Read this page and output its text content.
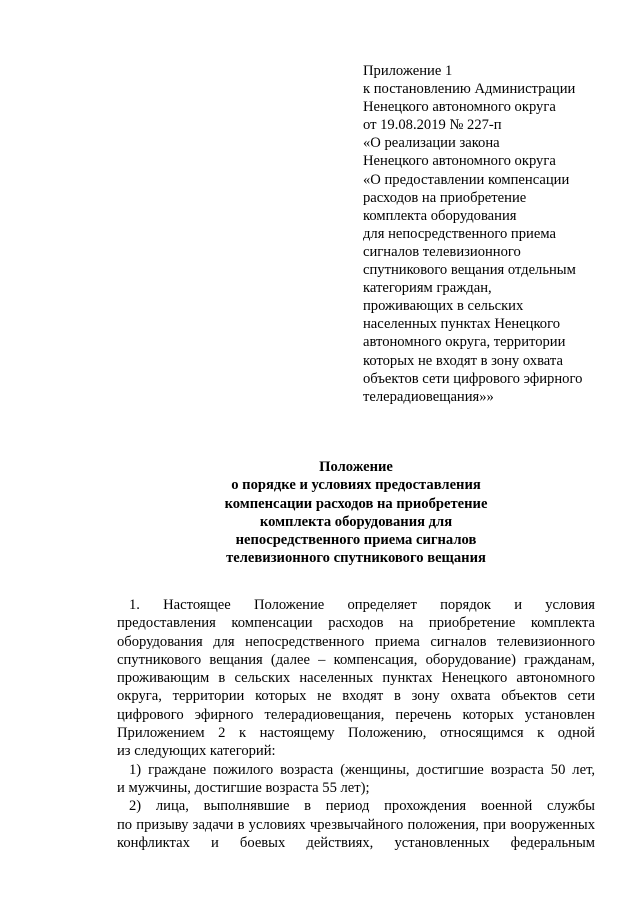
Приложение 1
к постановлению Администрации
Ненецкого автономного округа
от 19.08.2019 № 227-п
«О реализации закона
Ненецкого автономного округа
«О предоставлении компенсации
расходов на приобретение
комплекта оборудования
для непосредственного приема
сигналов телевизионного
спутникового вещания отдельным
категориям граждан,
проживающих в сельских
населенных пунктах Ненецкого
автономного округа, территории
которых не входят в зону охвата
объектов сети цифрового эфирного
телерадиовещания»»
Положение
о порядке и условиях предоставления
компенсации расходов на приобретение
комплекта оборудования для
непосредственного приема сигналов
телевизионного спутникового вещания
1. Настоящее Положение определяет порядок и условия
предоставления компенсации расходов на приобретение комплекта
оборудования для непосредственного приема сигналов телевизионного
спутникового вещания (далее – компенсация, оборудование) гражданам,
проживающим в сельских населенных пунктах Ненецкого автономного
округа, территории которых не входят в зону охвата объектов сети
цифрового эфирного телерадиовещания, перечень которых установлен
Приложением 2 к настоящему Положению, относящимся к одной
из следующих категорий:
1) граждане пожилого возраста (женщины, достигшие возраста 50 лет,
и мужчины, достигшие возраста 55 лет);
2) лица, выполнявшие в период прохождения военной службы
по призыву задачи в условиях чрезвычайного положения, при вооруженных
конфликтах и боевых действиях, установленных федеральным
